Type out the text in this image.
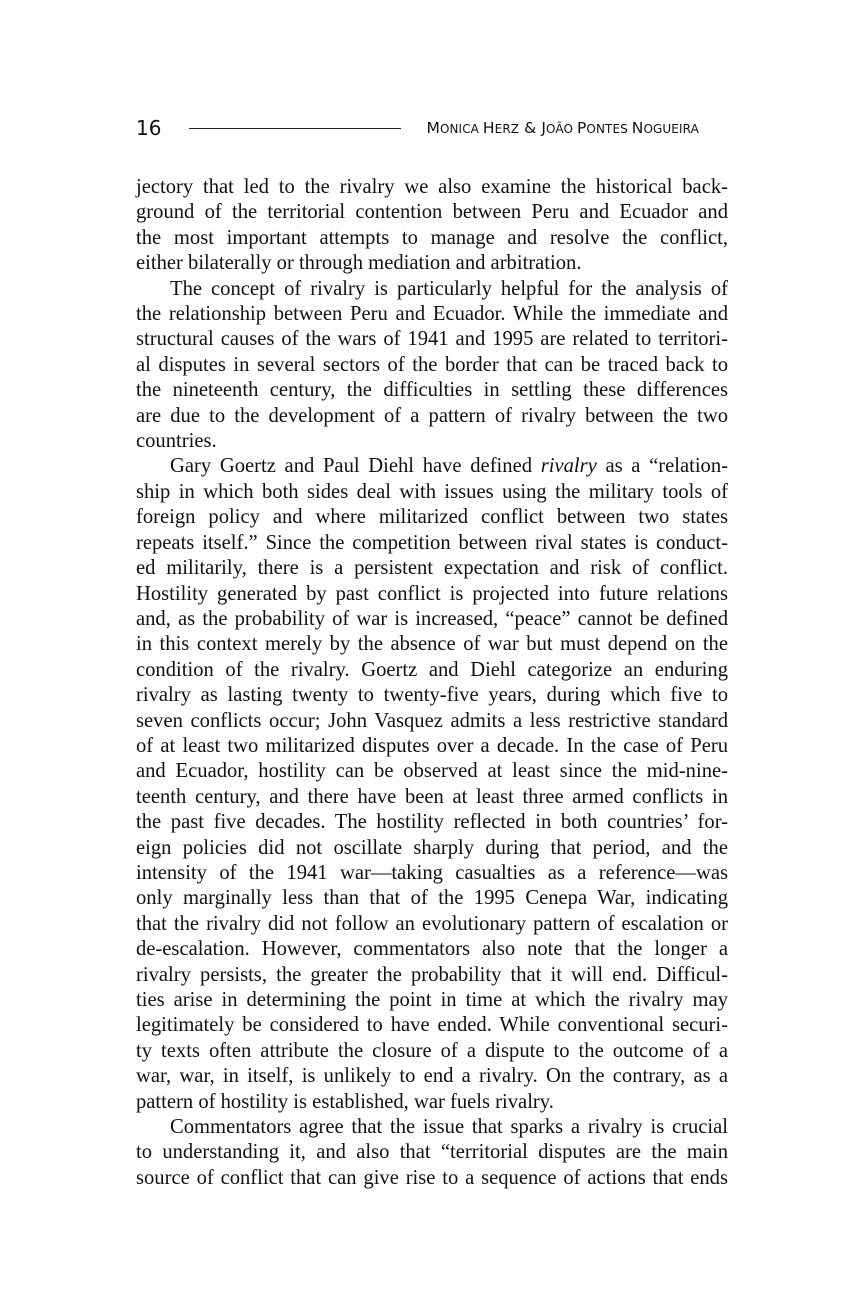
16	MONICA HERZ & JOÃO PONTES NOGUEIRA

jectory that led to the rivalry we also examine the historical back-
ground of the territorial contention between Peru and Ecuador and
the most important attempts to manage and resolve the conflict,
either bilaterally or through mediation and arbitration.

The concept of rivalry is particularly helpful for the analysis of
the relationship between Peru and Ecuador. While the immediate and
structural causes of the wars of 1941 and 1995 are related to territori-
al disputes in several sectors of the border that can be traced back to
the nineteenth century, the difficulties in settling these differences
are due to the development of a pattern of rivalry between the two
countries.

Gary Goertz and Paul Diehl have defined rivalry as a “relation-
ship in which both sides deal with issues using the military tools of
foreign policy and where militarized conflict between two states
repeats itself.” Since the competition between rival states is conduct-
ed militarily, there is a persistent expectation and risk of conflict.
Hostility generated by past conflict is projected into future relations
and, as the probability of war is increased, “peace” cannot be defined
in this context merely by the absence of war but must depend on the
condition of the rivalry. Goertz and Diehl categorize an enduring
rivalry as lasting twenty to twenty-five years, during which five to
seven conflicts occur; John Vasquez admits a less restrictive standard
of at least two militarized disputes over a decade. In the case of Peru
and Ecuador, hostility can be observed at least since the mid-nine-
teenth century, and there have been at least three armed conflicts in
the past five decades. The hostility reflected in both countries’ for-
eign policies did not oscillate sharply during that period, and the
intensity of the 1941 war—taking casualties as a reference—was
only marginally less than that of the 1995 Cenepa War, indicating
that the rivalry did not follow an evolutionary pattern of escalation or
de-escalation. However, commentators also note that the longer a
rivalry persists, the greater the probability that it will end. Difficul-
ties arise in determining the point in time at which the rivalry may
legitimately be considered to have ended. While conventional securi-
ty texts often attribute the closure of a dispute to the outcome of a
war, war, in itself, is unlikely to end a rivalry. On the contrary, as a
pattern of hostility is established, war fuels rivalry.

Commentators agree that the issue that sparks a rivalry is crucial
to understanding it, and also that “territorial disputes are the main
source of conflict that can give rise to a sequence of actions that ends
